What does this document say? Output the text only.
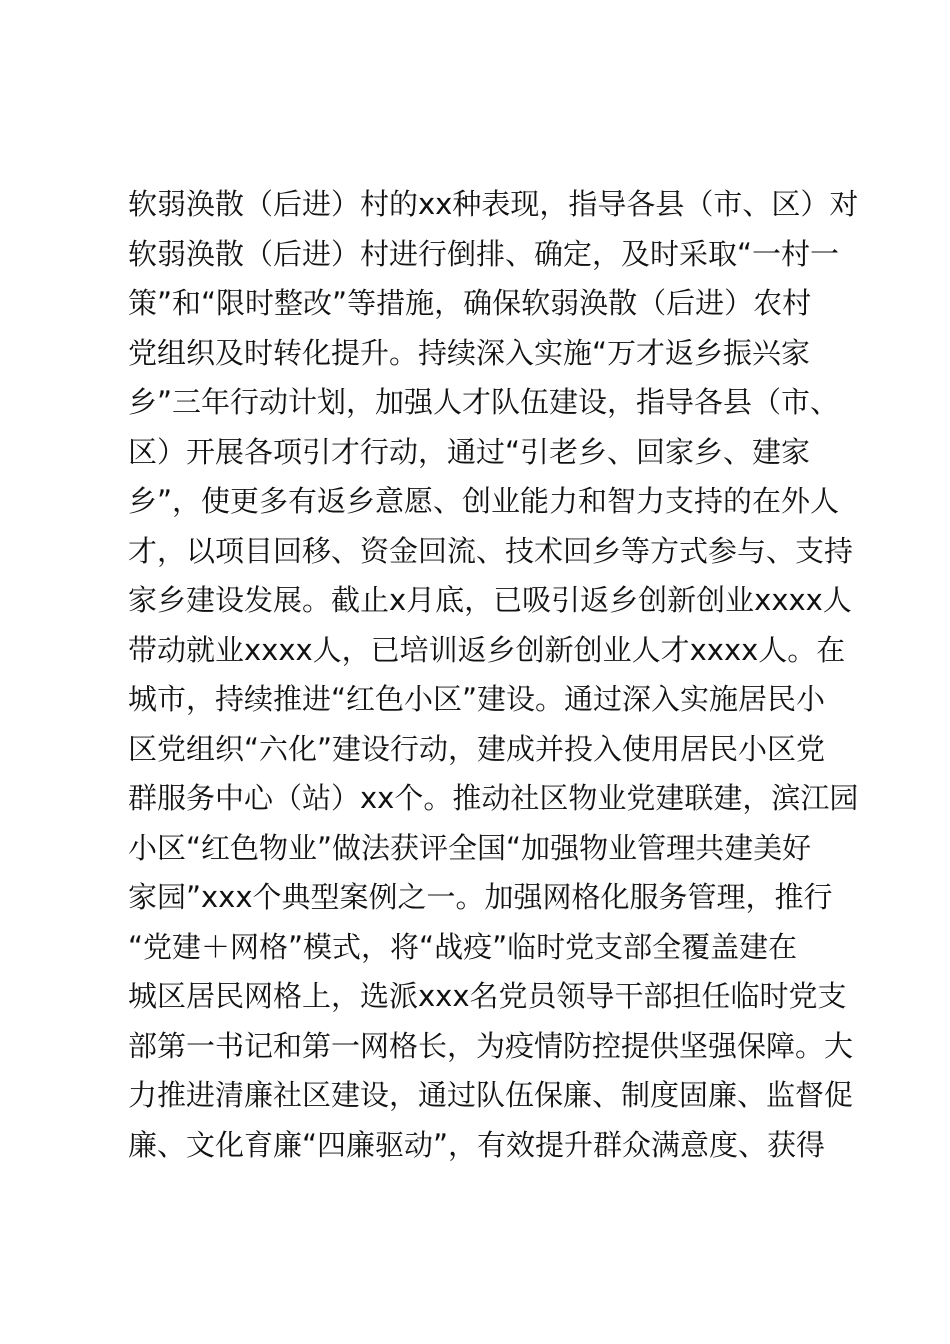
软弱涣散（后进）村的xx种表现，指导各县（市、区）对
软弱涣散（后进）村进行倒排、确定，及时采取“一村一
策”和“限时整改”等措施，确保软弱涣散（后进）农村
党组织及时转化提升。持续深入实施“万才返乡振兴家
乡”三年行动计划，加强人才队伍建设，指导各县（市、
区）开展各项引才行动，通过“引老乡、回家乡、建家
乡”，使更多有返乡意愿、创业能力和智力支持的在外人
才，以项目回移、资金回流、技术回乡等方式参与、支持
家乡建设发展。截止x月底，已吸引返乡创新创业xxxx人
带动就业xxxx人，已培训返乡创新创业人才xxxx人。在
城市，持续推进“红色小区”建设。通过深入实施居民小
区党组织“六化”建设行动，建成并投入使用居民小区党
群服务中心（站）xx个。推动社区物业党建联建，滨江园
小区“红色物业”做法获评全国“加强物业管理共建美好
家园”xxx个典型案例之一。加强网格化服务管理，推行
“党建＋网格”模式，将“战疫”临时党支部全覆盖建在
城区居民网格上，选派xxx名党员领导干部担任临时党支
部第一书记和第一网格长，为疫情防控提供坚强保障。大
力推进清廉社区建设，通过队伍保廉、制度固廉、监督促
廉、文化育廉“四廉驱动”，有效提升群众满意度、获得
